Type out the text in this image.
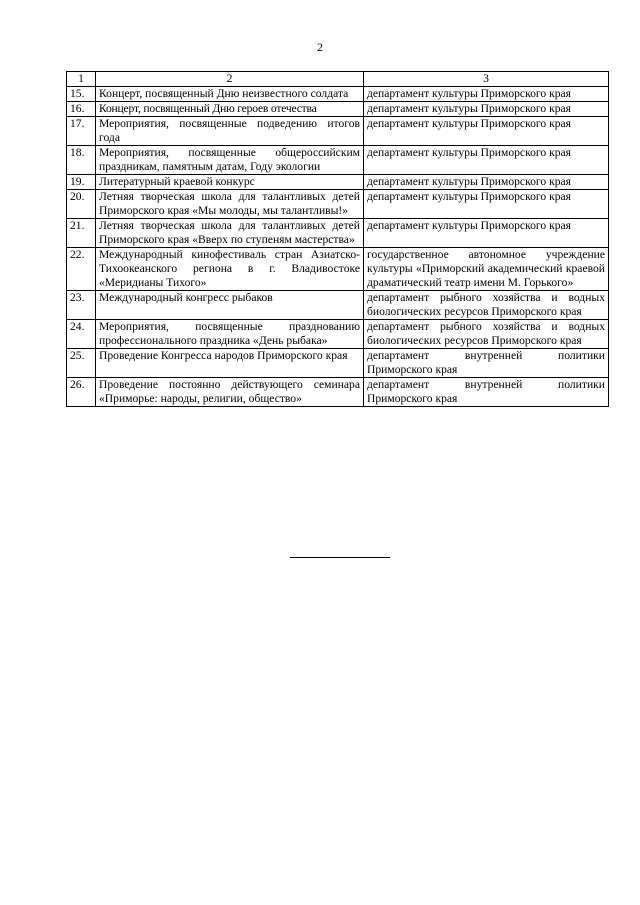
2
1	2	3
15.	Концерт, посвященный Дню неизвестного солдата	департамент культуры Приморского края
16.	Концерт, посвященный Дню героев отечества	департамент культуры Приморского края
17.	Мероприятия, посвященные подведению итогов года	департамент культуры Приморского края
18.	Мероприятия, посвященные общероссийским праздникам, памятным датам, Году экологии	департамент культуры Приморского края
19.	Литературный краевой конкурс	департамент культуры Приморского края
20.	Летняя творческая школа для талантливых детей Приморского края «Мы молоды, мы талантливы!»	департамент культуры Приморского края
21.	Летняя творческая школа для талантливых детей Приморского края «Вверх по ступеням мастерства»	департамент культуры Приморского края
22.	Международный кинофестиваль стран Азиатско-Тихоокеанского региона в г. Владивостоке «Меридианы Тихого»	государственное автономное учреждение культуры «Приморский академический краевой драматический театр имени М. Горького»
23.	Международный конгресс рыбаков	департамент рыбного хозяйства и водных биологических ресурсов Приморского края
24.	Мероприятия, посвященные празднованию профессионального праздника «День рыбака»	департамент рыбного хозяйства и водных биологических ресурсов Приморского края
25.	Проведение Конгресса народов Приморского края	департамент внутренней политики Приморского края
26.	Проведение постоянно действующего семинара «Приморье: народы, религии, общество»	департамент внутренней политики Приморского края
